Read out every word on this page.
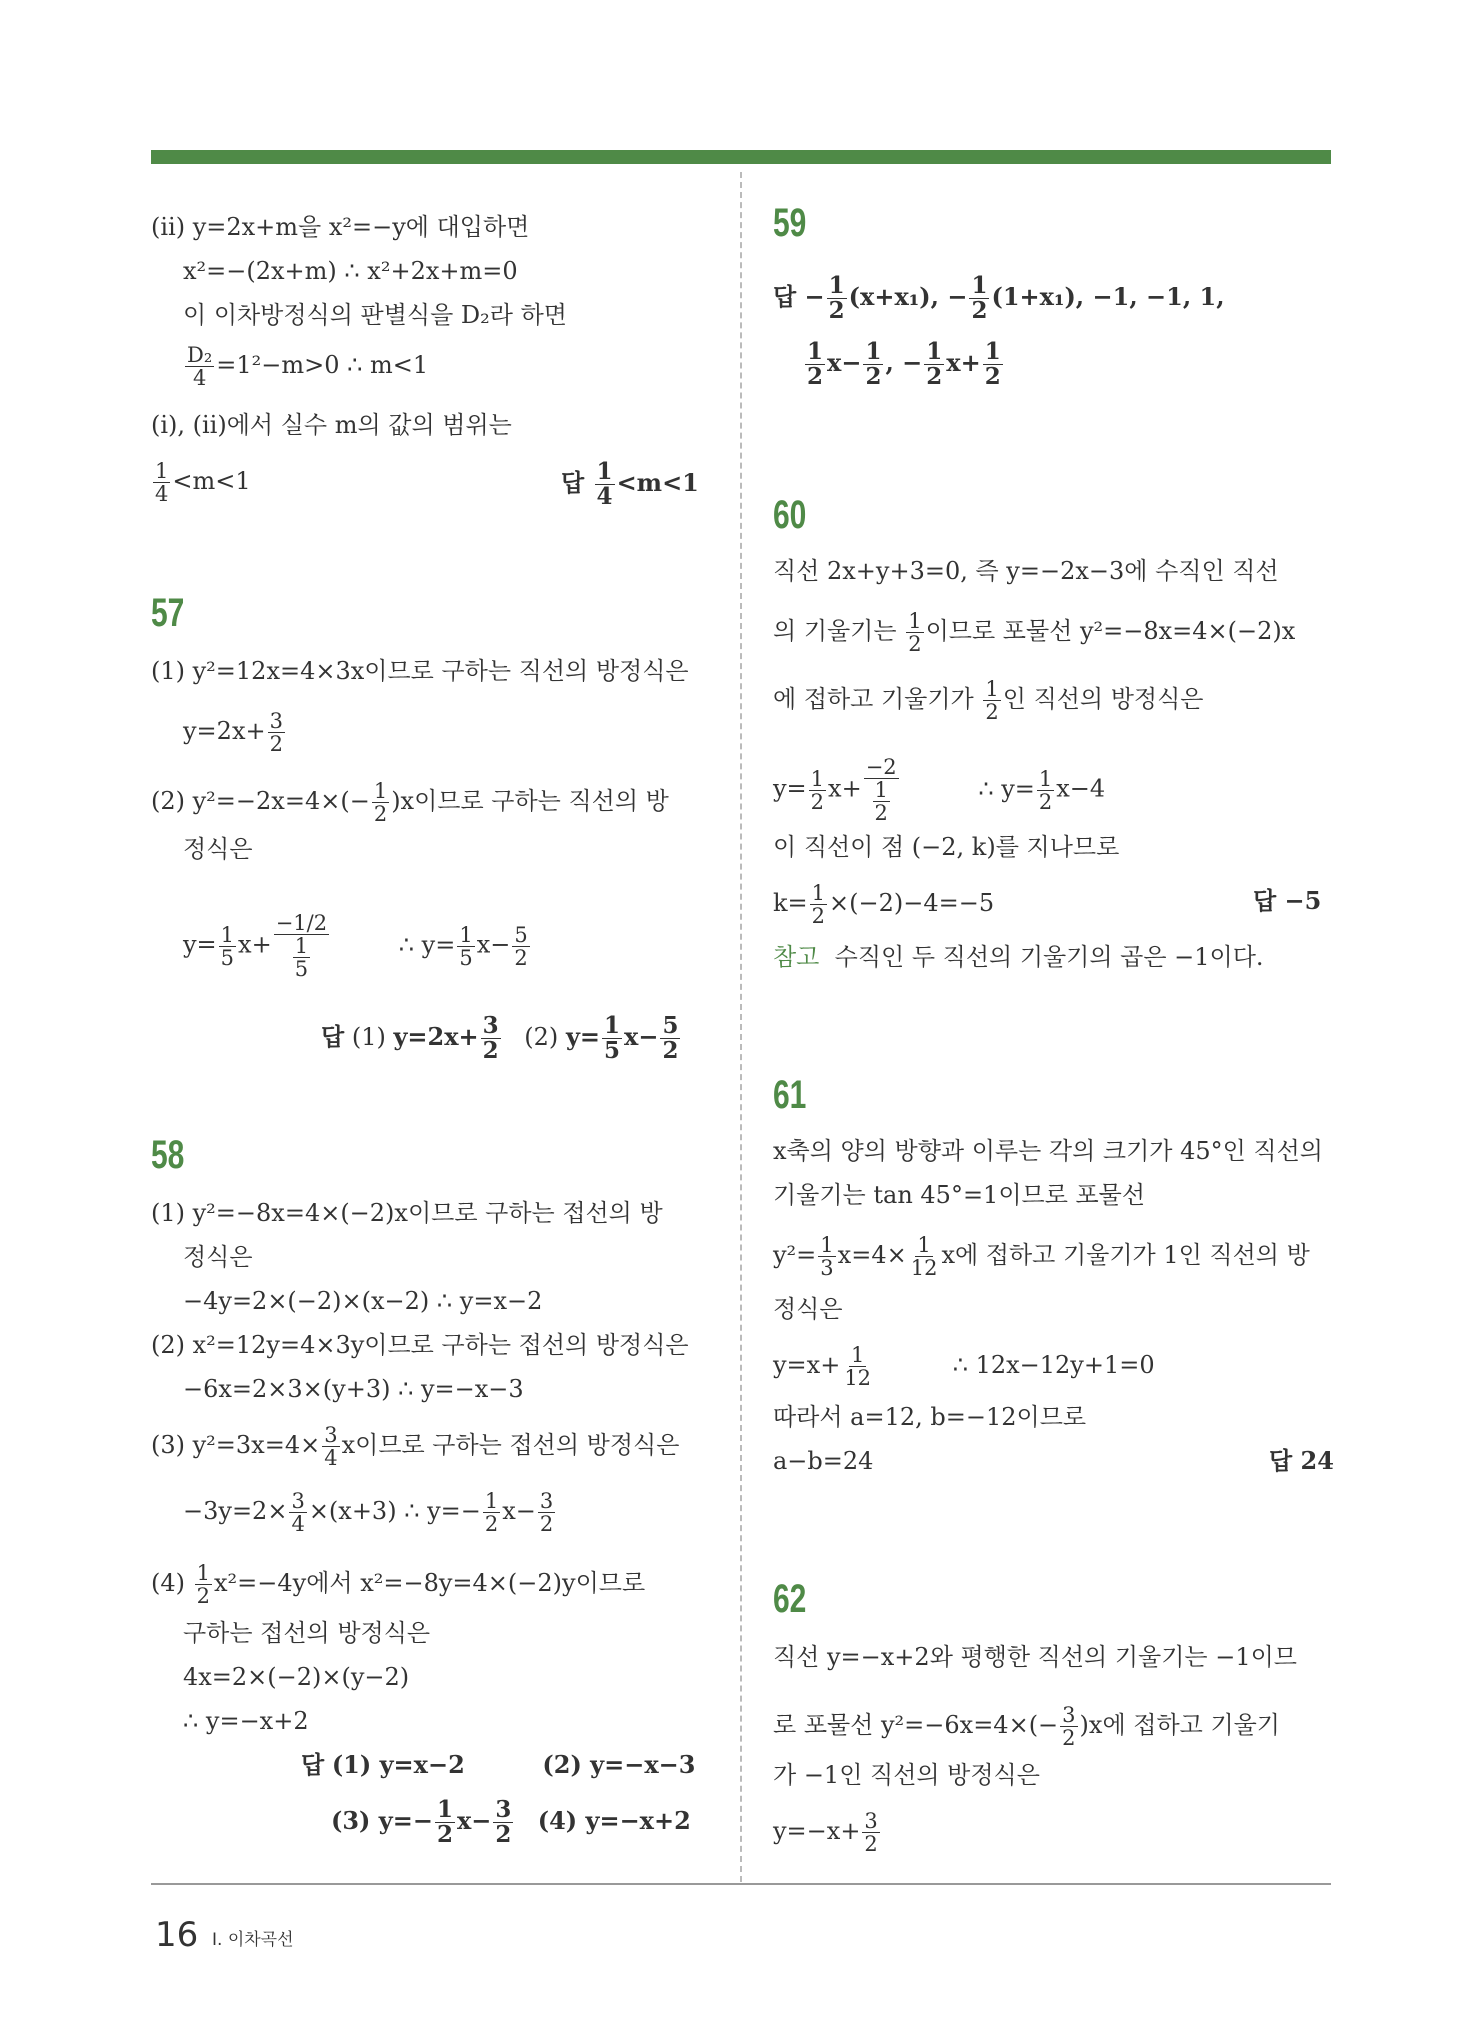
(ⅱ) y=2x+m을 x²=−y에 대입하면
x²=−(2x+m) ∴ x²+2x+m=0
이 이차방정식의 판별식을 D₂라 하면
$\frac{\text{D₂}}{4} =1^2-m>0$ ∴ m<1
(ⅰ), (ⅱ)에서 실수 m의 값의 범위는
$\frac{1}{4} <m<1$	답 $\frac{1}{4} <m<1$
57
(1) y²=12x=4×3x이므로 구하는 직선의 방정식은
$y=2x+ \frac{3}{2}$
(2) $y^2=-2x=4\times(- \frac{1}{2} )x$이므로 구하는 직선의 방
정식은
$y= \frac{1}{5} x+ \frac{-1/2}{\frac{1}{5}}$	∴ $y= \frac{1}{5} x- \frac{5}{2}$
답 (1) $y=2x+ \frac{3}{2} (2)$ $y= \frac{1}{5} x- \frac{5}{2}$
58
(1) y²=−8x=4×(−2)x이므로 구하는 접선의 방
정식은
−4y=2×(−2)×(x−2) ∴ y=x−2
(2) x²=12y=4×3y이므로 구하는 접선의 방정식은
−6x=2×3×(y+3) ∴ y=−x−3
(3) $y^2=3x=4\times \frac{3}{4}$ x이므로 구하는 접선의 방정식은
$-3y=2\times \frac{3}{4} \times(x+3)$ ∴ $y=- \frac{1}{2} x- \frac{3}{2}$
$(4) \frac{1}{2} x^2=-4y$에서 x²=−8y=4×(−2)y이므로
구하는 접선의 방정식은
4x=2×(−2)×(y−2)
∴ y=−x+2
답 (1) y=x−2	(2) y=−x−3
(3) $y=- \frac{1}{2} x- \frac{3}{2} (4)$ y=−x+2
59
답 − $\frac{1}{2} (x+x_1)$, − $\frac{1}{2} (1+x_1)$, −1, −1, 1,
$\frac{1}{2} x- \frac{1}{2}$ , − $\frac{1}{2} x+ \frac{1}{2}$
60
직선 2x+y+3=0, 즉 y=−2x−3에 수직인 직선
의 기울기는 $\frac{1}{2}$ 이므로 포물선 y²=−8x=4×(−2)x
에 접하고 기울기가 $\frac{1}{2}$ 인 직선의 방정식은
$y= \frac{1}{2} x+ \frac{-2}{\frac{1}{2}}$	∴ $y= \frac{1}{2} x-4$
이 직선이 점 (−2, k)를 지나므로
$k= \frac{1}{2} \times(-2)-4=-5$	답 −5
참고 수직인 두 직선의 기울기의 곱은 −1이다.
61
x축의 양의 방향과 이루는 각의 크기가 45°인 직선의
기울기는 tan 45°=1이므로 포물선
$y^2= \frac{1}{3} x=4\times \frac{1}{12}$ x에 접하고 기울기가 1인 직선의 방
정식은
$y=x+ \frac{1}{12}$	∴ 12x−12y+1=0
따라서 a=12, b=−12이므로
a−b=24	답 24
62
직선 y=−x+2와 평행한 직선의 기울기는 −1이므
로 포물선 $y^2=-6x=4\times(- \frac{3}{2} )x$에 접하고 기울기
가 −1인 직선의 방정식은
$y=-x+ \frac{3}{2}$
16 Ⅰ. 이차곡선
